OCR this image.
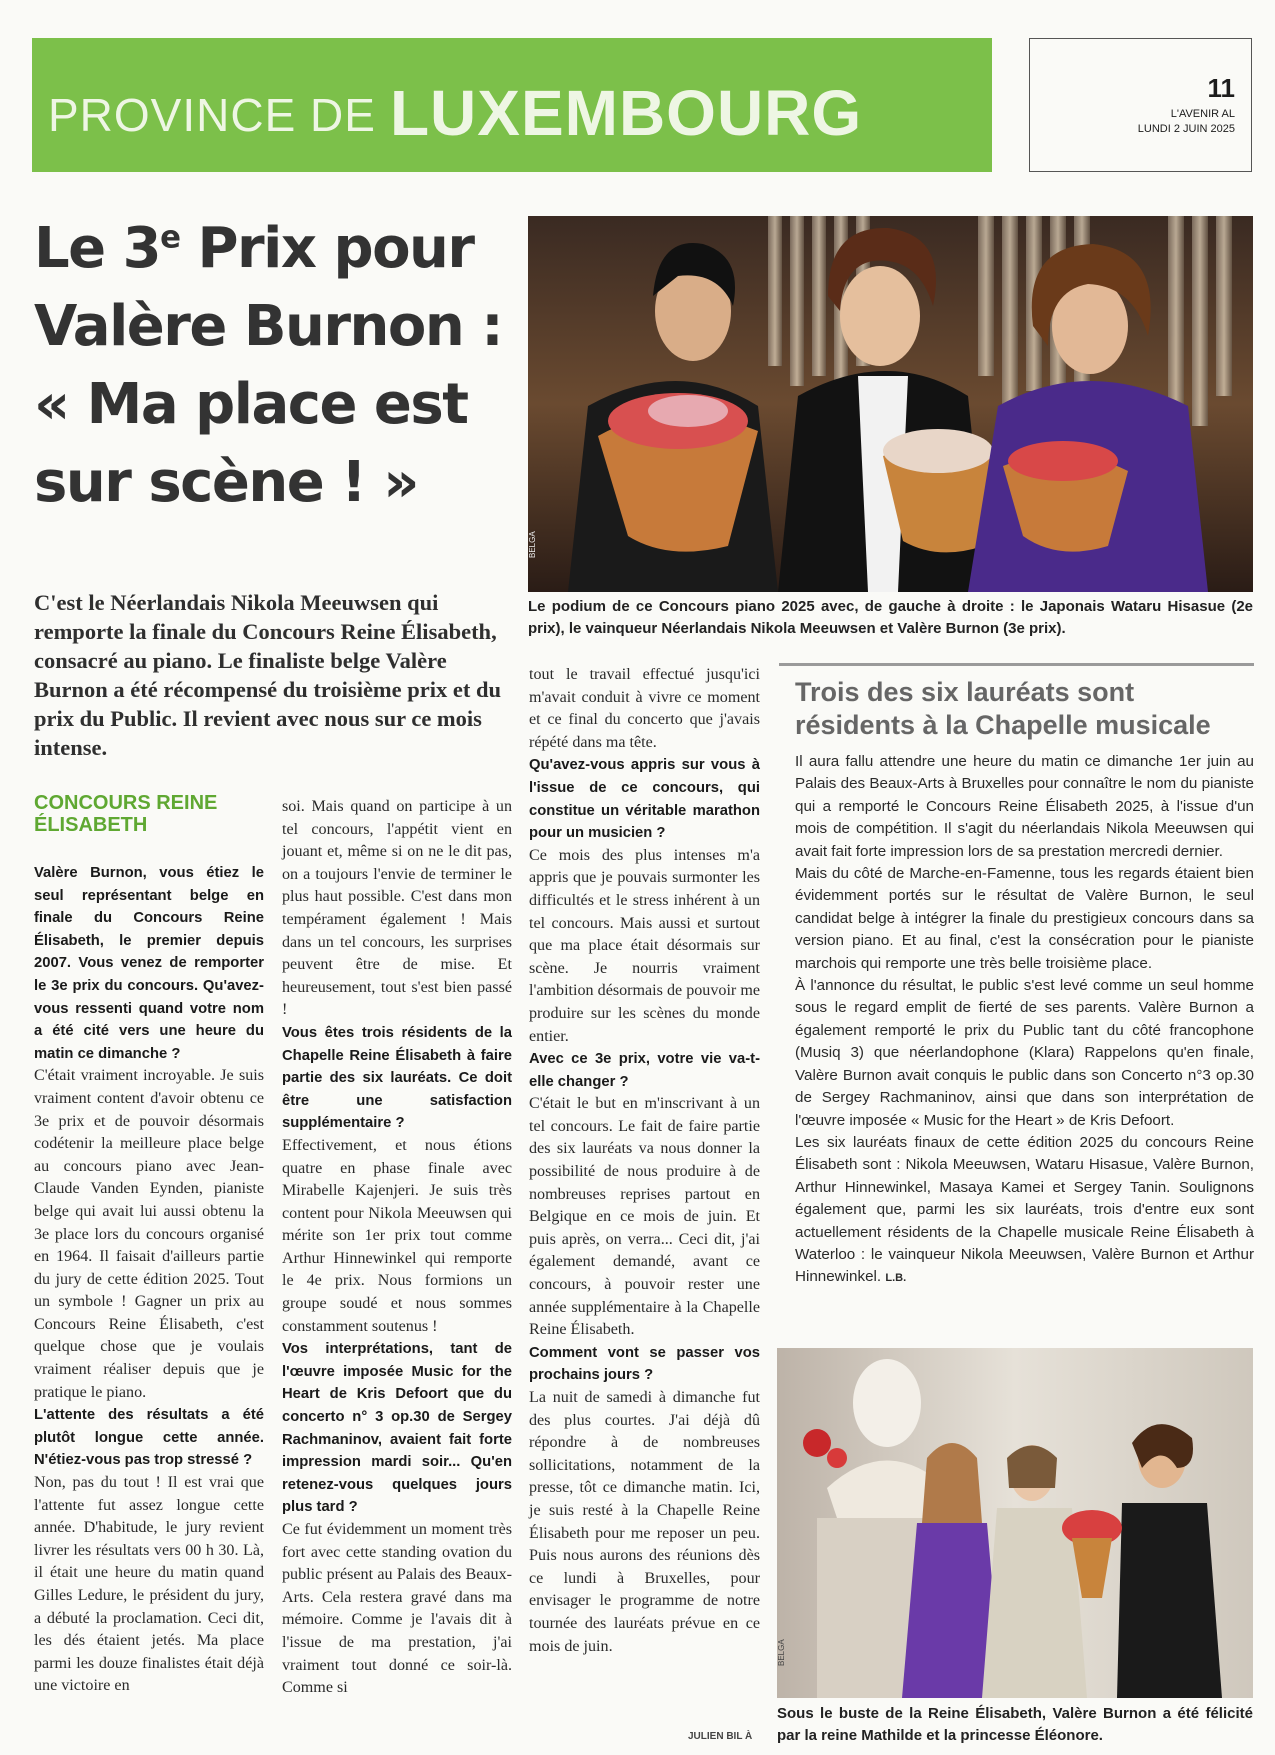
PROVINCE DE LUXEMBOURG	11
L'AVENIR AL
LUNDI 2 JUIN 2025
Le 3e Prix pour
Valère Burnon :
« Ma place est
sur scène ! »
BELGA
Le podium de ce Concours piano 2025 avec, de gauche à droite : le Japonais Wataru Hisasue (2e prix), le vainqueur Néerlandais Nikola Meeuwsen et Valère Burnon (3e prix).

C'est le Néerlandais Nikola Meeuwsen qui remporte la finale du Concours Reine Élisabeth, consacré au piano. Le finaliste belge Valère Burnon a été récompensé du troisième prix et du prix du Public. Il revient avec nous sur ce mois intense.

CONCOURS REINE ÉLISABETH

Valère Burnon, vous étiez le seul représentant belge en finale du Concours Reine Élisabeth, le premier depuis 2007. Vous venez de remporter le 3e prix du concours. Qu'avez-vous ressenti quand votre nom a été cité vers une heure du matin ce dimanche ?

C'était vraiment incroyable. Je suis vraiment content d'avoir obtenu ce 3e prix et de pouvoir désormais codétenir la meilleure place belge au concours piano avec Jean-Claude Vanden Eynden, pianiste belge qui avait lui aussi obtenu la 3e place lors du concours organisé en 1964. Il faisait d'ailleurs partie du jury de cette édition 2025. Tout un symbole ! Gagner un prix au Concours Reine Élisabeth, c'est quelque chose que je voulais vraiment réaliser depuis que je pratique le piano.

L'attente des résultats a été plutôt longue cette année. N'étiez-vous pas trop stressé ?

Non, pas du tout ! Il est vrai que l'attente fut assez longue cette année. D'habitude, le jury revient livrer les résultats vers 00 h 30. Là, il était une heure du matin quand Gilles Ledure, le président du jury, a débuté la proclamation. Ceci dit, les dés étaient jetés. Ma place parmi les douze finalistes était déjà une victoire en

soi. Mais quand on participe à un tel concours, l'appétit vient en jouant et, même si on ne le dit pas, on a toujours l'envie de terminer le plus haut possible. C'est dans mon tempérament également ! Mais dans un tel concours, les surprises peuvent être de mise. Et heureusement, tout s'est bien passé !

Vous êtes trois résidents de la Chapelle Reine Élisabeth à faire partie des six lauréats. Ce doit être une satisfaction supplémentaire ?

Effectivement, et nous étions quatre en phase finale avec Mirabelle Kajenjeri. Je suis très content pour Nikola Meeuwsen qui mérite son 1er prix tout comme Arthur Hinnewinkel qui remporte le 4e prix. Nous formions un groupe soudé et nous sommes constamment soutenus !

Vos interprétations, tant de l'œuvre imposée Music for the Heart de Kris Defoort que du concerto n° 3 op.30 de Sergey Rachmaninov, avaient fait forte impression mardi soir... Qu'en retenez-vous quelques jours plus tard ?

Ce fut évidemment un moment très fort avec cette standing ovation du public présent au Palais des Beaux-Arts. Cela restera gravé dans ma mémoire. Comme je l'avais dit à l'issue de ma prestation, j'ai vraiment tout donné ce soir-là. Comme si

tout le travail effectué jusqu'ici m'avait conduit à vivre ce moment et ce final du concerto que j'avais répété dans ma tête.

Qu'avez-vous appris sur vous à l'issue de ce concours, qui constitue un véritable marathon pour un musicien ?

Ce mois des plus intenses m'a appris que je pouvais surmonter les difficultés et le stress inhérent à un tel concours. Mais aussi et surtout que ma place était désormais sur scène. Je nourris vraiment l'ambition désormais de pouvoir me produire sur les scènes du monde entier.

Avec ce 3e prix, votre vie va-t-elle changer ?

C'était le but en m'inscrivant à un tel concours. Le fait de faire partie des six lauréats va nous donner la possibilité de nous produire à de nombreuses reprises partout en Belgique en ce mois de juin. Et puis après, on verra... Ceci dit, j'ai également demandé, avant ce concours, à pouvoir rester une année supplémentaire à la Chapelle Reine Élisabeth.

Comment vont se passer vos prochains jours ?

La nuit de samedi à dimanche fut des plus courtes. J'ai déjà dû répondre à de nombreuses sollicitations, notamment de la presse, tôt ce dimanche matin. Ici, je suis resté à la Chapelle Reine Élisabeth pour me reposer un peu. Puis nous aurons des réunions dès ce lundi à Bruxelles, pour envisager le programme de notre tournée des lauréats prévue en ce mois de juin.

JULIEN BIL À
Trois des six lauréats sont résidents à la Chapelle musicale

Il aura fallu attendre une heure du matin ce dimanche 1er juin au Palais des Beaux-Arts à Bruxelles pour connaître le nom du pianiste qui a remporté le Concours Reine Élisabeth 2025, à l'issue d'un mois de compétition. Il s'agit du néerlandais Nikola Meeuwsen qui avait fait forte impression lors de sa prestation mercredi dernier.

Mais du côté de Marche-en-Famenne, tous les regards étaient bien évidemment portés sur le résultat de Valère Burnon, le seul candidat belge à intégrer la finale du prestigieux concours dans sa version piano. Et au final, c'est la consécration pour le pianiste marchois qui remporte une très belle troisième place.

À l'annonce du résultat, le public s'est levé comme un seul homme sous le regard emplit de fierté de ses parents. Valère Burnon a également remporté le prix du Public tant du côté francophone (Musiq 3) que néerlandophone (Klara) Rappelons qu'en finale, Valère Burnon avait conquis le public dans son Concerto n°3 op.30 de Sergey Rachmaninov, ainsi que dans son interprétation de l'œuvre imposée « Music for the Heart » de Kris Defoort.

Les six lauréats finaux de cette édition 2025 du concours Reine Élisabeth sont : Nikola Meeuwsen, Wataru Hisasue, Valère Burnon, Arthur Hinnewinkel, Masaya Kamei et Sergey Tanin. Soulignons également que, parmi les six lauréats, trois d'entre eux sont actuellement résidents de la Chapelle musicale Reine Élisabeth à Waterloo : le vainqueur Nikola Meeuwsen, Valère Burnon et Arthur Hinnewinkel. L.B.

BELGA
Sous le buste de la Reine Élisabeth, Valère Burnon a été félicité par la reine Mathilde et la princesse Éléonore.
